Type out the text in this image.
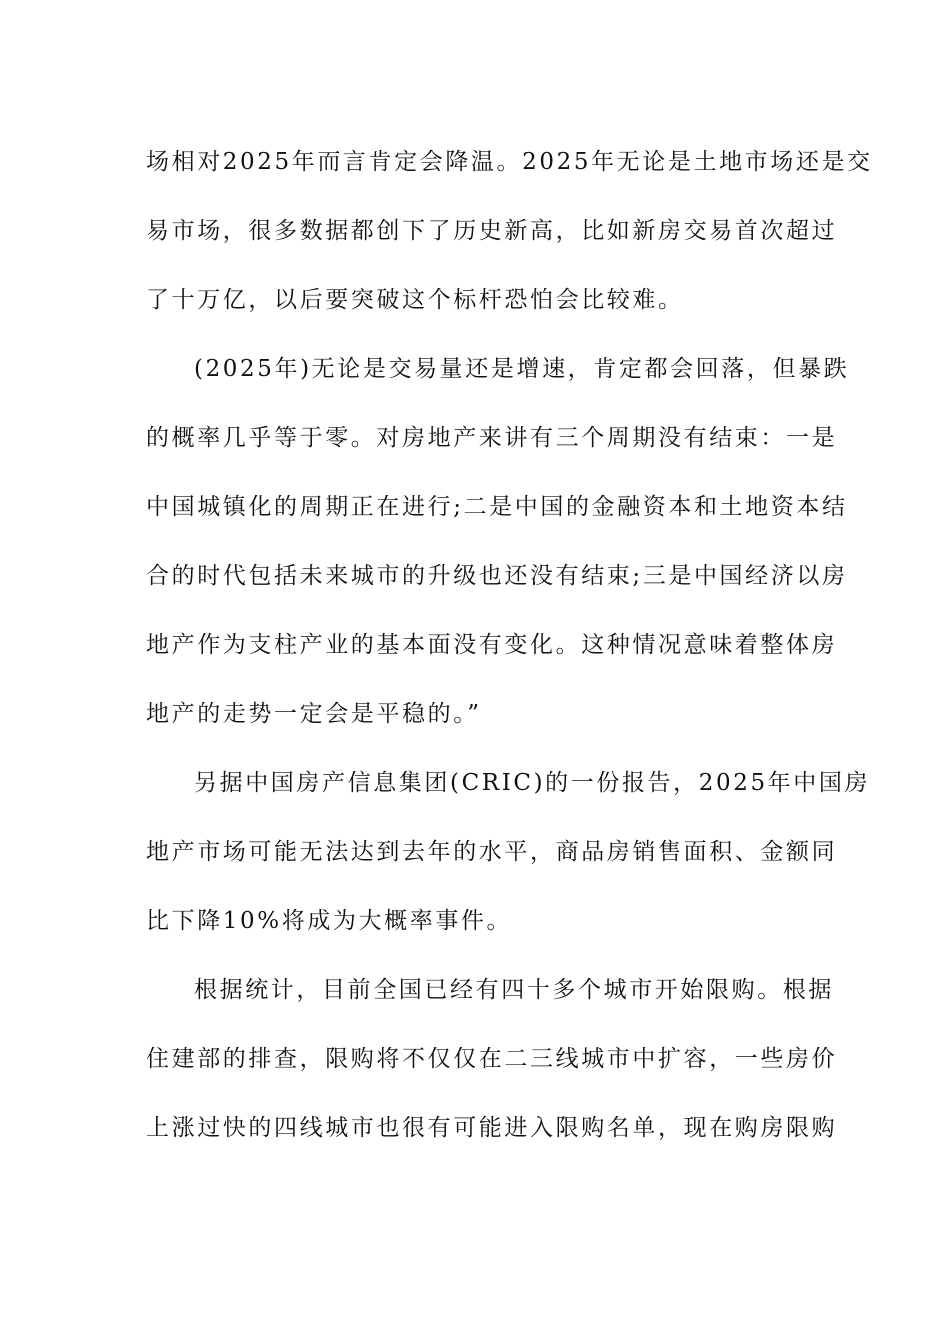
场相对2025年而言肯定会降温。2025年无论是土地市场还是交
易市场，很多数据都创下了历史新高，比如新房交易首次超过
了十万亿，以后要突破这个标杆恐怕会比较难。
(2025年)无论是交易量还是增速，肯定都会回落，但暴跌
的概率几乎等于零。对房地产来讲有三个周期没有结束：一是
中国城镇化的周期正在进行;二是中国的金融资本和土地资本结
合的时代包括未来城市的升级也还没有结束;三是中国经济以房
地产作为支柱产业的基本面没有变化。这种情况意味着整体房
地产的走势一定会是平稳的。”
另据中国房产信息集团(CRIC)的一份报告，2025年中国房
地产市场可能无法达到去年的水平，商品房销售面积、金额同
比下降10%将成为大概率事件。
根据统计，目前全国已经有四十多个城市开始限购。根据
住建部的排查，限购将不仅仅在二三线城市中扩容，一些房价
上涨过快的四线城市也很有可能进入限购名单，现在购房限购
